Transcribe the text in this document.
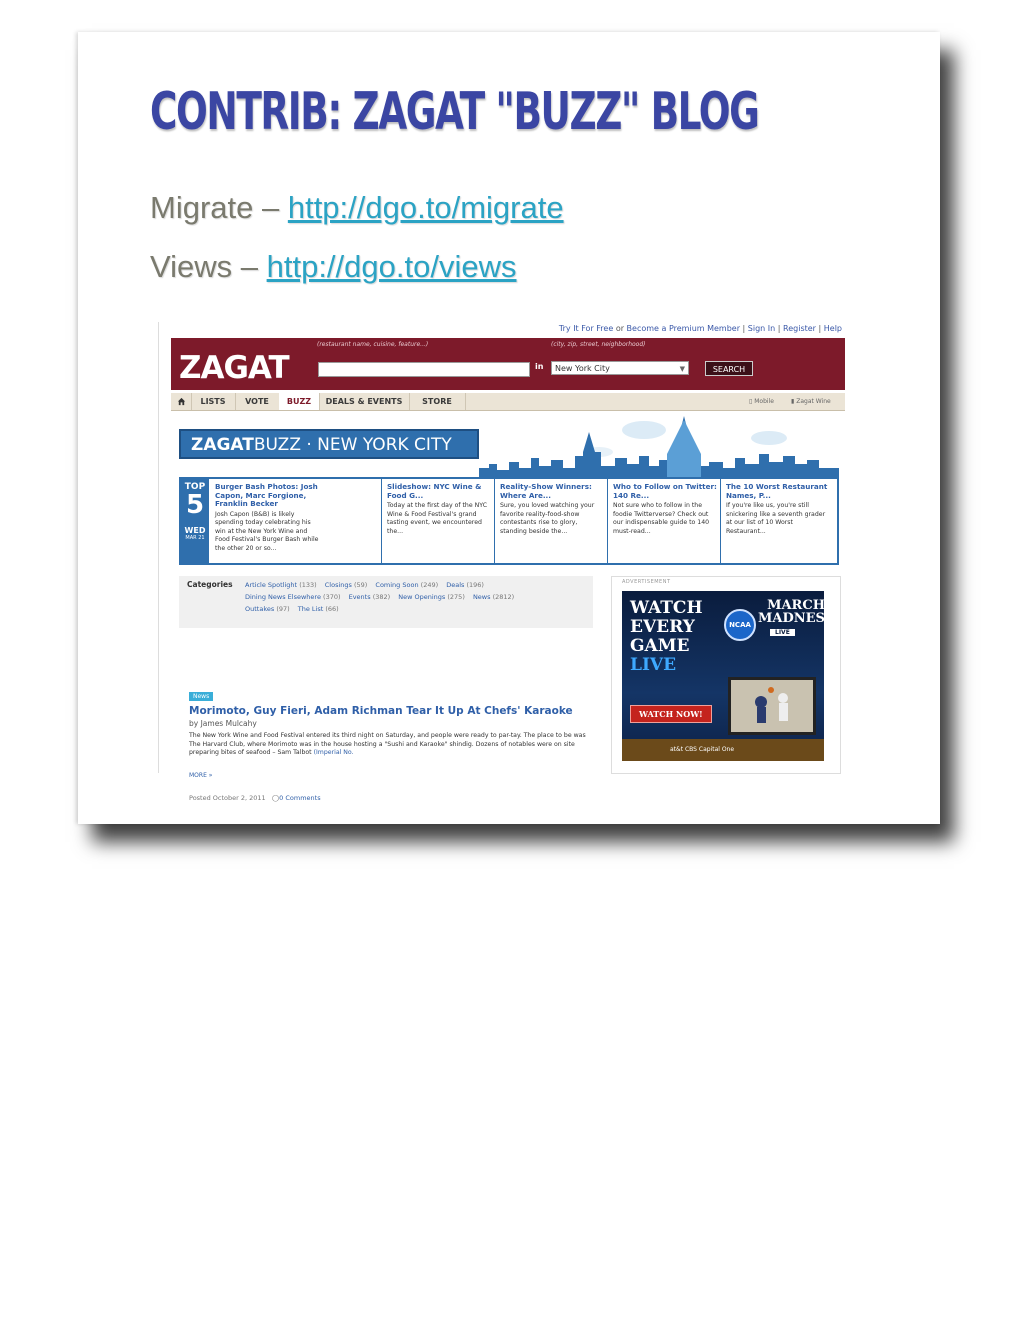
CONTRIB: ZAGAT "BUZZ" BLOG
Migrate – http://dgo.to/migrate
Views – http://dgo.to/views
Try It For Free or Become a Premium Member | Sign In | Register | Help
ZAGAT
(restaurant name, cuisine, feature...)	(city, zip, street, neighborhood)
in	New York City	▼	SEARCH
LISTS	VOTE	BUZZ	DEALS & EVENTS	STORE	▯ Mobile	▮ Zagat Wine
ZAGATBUZZ · NEW YORK CITY
TOP
5
WED
MAR 21
Burger Bash Photos: Josh Capon, Marc Forgione, Franklin Becker
Josh Capon (B&B) is likely spending today celebrating his win at the New York Wine and Food Festival's Burger Bash while the other 20 or so...
Slideshow: NYC Wine & Food G...
Today at the first day of the NYC Wine & Food Festival's grand tasting event, we encountered the...
Reality-Show Winners: Where Are...
Sure, you loved watching your favorite reality-food-show contestants rise to glory, standing beside the...
Who to Follow on Twitter: 140 Re...
Not sure who to follow in the foodie Twitterverse? Check out our indispensable guide to 140 must-read...
The 10 Worst Restaurant Names, P...
If you're like us, you're still snickering like a seventh grader at our list of 10 Worst Restaurant...
Categories Article Spotlight (133) Closings (59) Coming Soon (249) Deals (196)
Dining News Elsewhere (370) Events (382) New Openings (275) News (2812)
Outtakes (97) The List (66)
News
Morimoto, Guy Fieri, Adam Richman Tear It Up At Chefs' Karaoke
by James Mulcahy
The New York Wine and Food Festival entered its third night on Saturday, and people were ready to par-tay. The place to be was The Harvard Club, where Morimoto was in the house hosting a "Sushi and Karaoke" shindig. Dozens of notables were on site preparing bites of seafood – Sam Talbot (Imperial No.
MORE »
Posted October 2, 2011 ◯0 Comments
ADVERTISEMENT
WATCH
EVERY
GAME
LIVE
NCAA
MARCH
MADNESS
LIVE
WATCH NOW!
at&t CBS Capital One
